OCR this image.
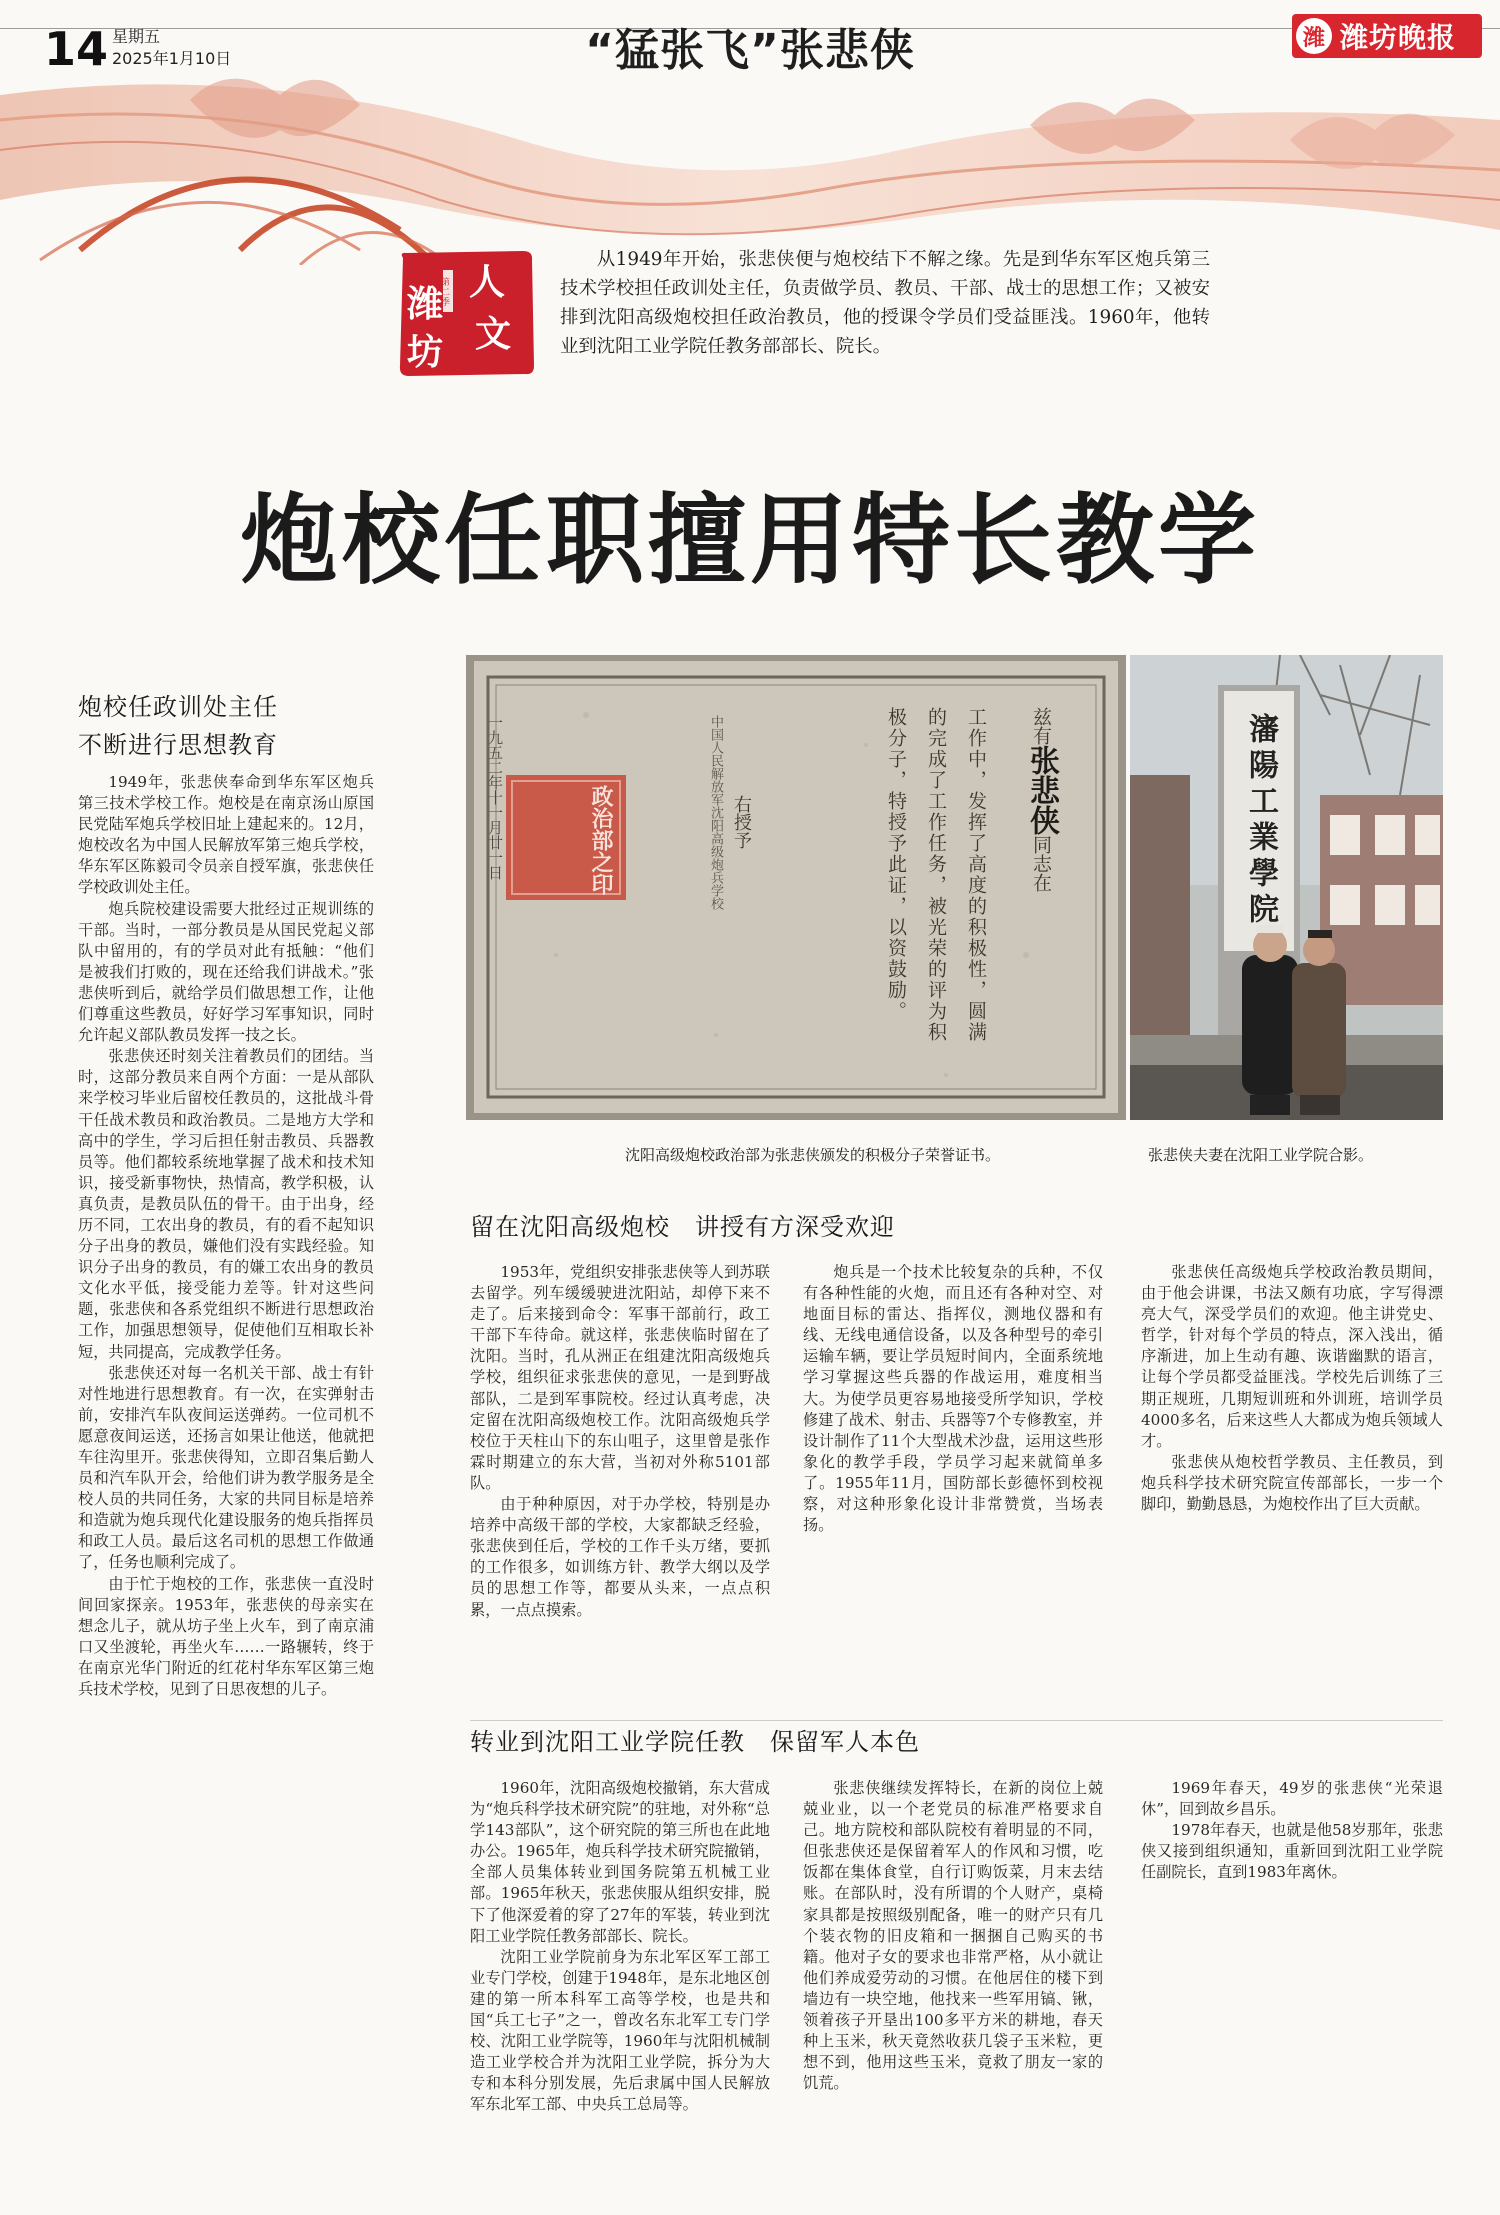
14 星期五
2025年1月10日	“猛张飞”张悲侠	潍 潍坊晚报
潍
人
坊 文
第二季
从1949年开始，张悲侠便与炮校结下不解之缘。先是到华东军区炮兵第三技术学校担任政训处主任，负责做学员、教员、干部、战士的思想工作；又被安排到沈阳高级炮校担任政治教员，他的授课令学员们受益匪浅。1960年，他转业到沈阳工业学院任教务部部长、院长。
炮校任职擅用特长教学
兹有张悲侠同志在
工作中，发挥了高度的积极性，圆满的完成了工作任务，被光荣的评为积极分子，特授予此证，以资鼓励。
右授予
中国人民解放军沈阳高级炮兵学校
政治部之印
一九五二年十一月廿一日
沈阳高级炮校政治部为张悲侠颁发的积极分子荣誉证书。
瀋陽工業學院
张悲侠夫妻在沈阳工业学院合影。
炮校任政训处主任
不断进行思想教育

1949年，张悲侠奉命到华东军区炮兵第三技术学校工作。炮校是在南京汤山原国民党陆军炮兵学校旧址上建起来的。12月，炮校改名为中国人民解放军第三炮兵学校，华东军区陈毅司令员亲自授军旗，张悲侠任学校政训处主任。

炮兵院校建设需要大批经过正规训练的干部。当时，一部分教员是从国民党起义部队中留用的，有的学员对此有抵触：“他们是被我们打败的，现在还给我们讲战术。”张悲侠听到后，就给学员们做思想工作，让他们尊重这些教员，好好学习军事知识，同时允许起义部队教员发挥一技之长。

张悲侠还时刻关注着教员们的团结。当时，这部分教员来自两个方面：一是从部队来学校习毕业后留校任教员的，这批战斗骨干任战术教员和政治教员。二是地方大学和高中的学生，学习后担任射击教员、兵器教员等。他们都较系统地掌握了战术和技术知识，接受新事物快，热情高，教学积极，认真负责，是教员队伍的骨干。由于出身，经历不同，工农出身的教员，有的看不起知识分子出身的教员，嫌他们没有实践经验。知识分子出身的教员，有的嫌工农出身的教员文化水平低，接受能力差等。针对这些问题，张悲侠和各系党组织不断进行思想政治工作，加强思想领导，促使他们互相取长补短，共同提高，完成教学任务。

张悲侠还对每一名机关干部、战士有针对性地进行思想教育。有一次，在实弹射击前，安排汽车队夜间运送弹药。一位司机不愿意夜间运送，还扬言如果让他送，他就把车往沟里开。张悲侠得知，立即召集后勤人员和汽车队开会，给他们讲为教学服务是全校人员的共同任务，大家的共同目标是培养和造就为炮兵现代化建设服务的炮兵指挥员和政工人员。最后这名司机的思想工作做通了，任务也顺利完成了。

由于忙于炮校的工作，张悲侠一直没时间回家探亲。1953年，张悲侠的母亲实在想念儿子，就从坊子坐上火车，到了南京浦口又坐渡轮，再坐火车……一路辗转，终于在南京光华门附近的红花村华东军区第三炮兵技术学校，见到了日思夜想的儿子。

留在沈阳高级炮校　讲授有方深受欢迎

1953年，党组织安排张悲侠等人到苏联去留学。列车缓缓驶进沈阳站，却停下来不走了。后来接到命令：军事干部前行，政工干部下车待命。就这样，张悲侠临时留在了沈阳。当时，孔从洲正在组建沈阳高级炮兵学校，组织征求张悲侠的意见，一是到野战部队，二是到军事院校。经过认真考虑，决定留在沈阳高级炮校工作。沈阳高级炮兵学校位于天柱山下的东山咀子，这里曾是张作霖时期建立的东大营，当初对外称5101部队。

由于种种原因，对于办学校，特别是办培养中高级干部的学校，大家都缺乏经验，张悲侠到任后，学校的工作千头万绪，要抓的工作很多，如训练方针、教学大纲以及学员的思想工作等，都要从头来，一点点积累，一点点摸索。

炮兵是一个技术比较复杂的兵种，不仅有各种性能的火炮，而且还有各种对空、对地面目标的雷达、指挥仪，测地仪器和有线、无线电通信设备，以及各种型号的牵引运输车辆，要让学员短时间内，全面系统地学习掌握这些兵器的作战运用，难度相当大。为使学员更容易地接受所学知识，学校修建了战术、射击、兵器等7个专修教室，并设计制作了11个大型战术沙盘，运用这些形象化的教学手段，学员学习起来就简单多了。1955年11月，国防部长彭德怀到校视察，对这种形象化设计非常赞赏，当场表扬。

张悲侠任高级炮兵学校政治教员期间，由于他会讲课，书法又颇有功底，字写得漂亮大气，深受学员们的欢迎。他主讲党史、哲学，针对每个学员的特点，深入浅出，循序渐进，加上生动有趣、诙谐幽默的语言，让每个学员都受益匪浅。学校先后训练了三期正规班，几期短训班和外训班，培训学员4000多名，后来这些人大都成为炮兵领域人才。

张悲侠从炮校哲学教员、主任教员，到炮兵科学技术研究院宣传部部长，一步一个脚印，勤勤恳恳，为炮校作出了巨大贡献。

转业到沈阳工业学院任教　保留军人本色

1960年，沈阳高级炮校撤销，东大营成为“炮兵科学技术研究院”的驻地，对外称“总学143部队”，这个研究院的第三所也在此地办公。1965年，炮兵科学技术研究院撤销，全部人员集体转业到国务院第五机械工业部。1965年秋天，张悲侠服从组织安排，脱下了他深爱着的穿了27年的军装，转业到沈阳工业学院任教务部部长、院长。

沈阳工业学院前身为东北军区军工部工业专门学校，创建于1948年，是东北地区创建的第一所本科军工高等学校，也是共和国“兵工七子”之一，曾改名东北军工专门学校、沈阳工业学院等，1960年与沈阳机械制造工业学校合并为沈阳工业学院，拆分为大专和本科分别发展，先后隶属中国人民解放军东北军工部、中央兵工总局等。

张悲侠继续发挥特长，在新的岗位上兢兢业业，以一个老党员的标准严格要求自己。地方院校和部队院校有着明显的不同，但张悲侠还是保留着军人的作风和习惯，吃饭都在集体食堂，自行订购饭菜，月末去结账。在部队时，没有所谓的个人财产，桌椅家具都是按照级别配备，唯一的财产只有几个装衣物的旧皮箱和一捆捆自己购买的书籍。他对子女的要求也非常严格，从小就让他们养成爱劳动的习惯。在他居住的楼下到墙边有一块空地，他找来一些军用镐、锹，领着孩子开垦出100多平方米的耕地，春天种上玉米，秋天竟然收获几袋子玉米粒，更想不到，他用这些玉米，竟救了朋友一家的饥荒。

1969年春天，49岁的张悲侠“光荣退休”，回到故乡昌乐。

1978年春天，也就是他58岁那年，张悲侠又接到组织通知，重新回到沈阳工业学院任副院长，直到1983年离休。
